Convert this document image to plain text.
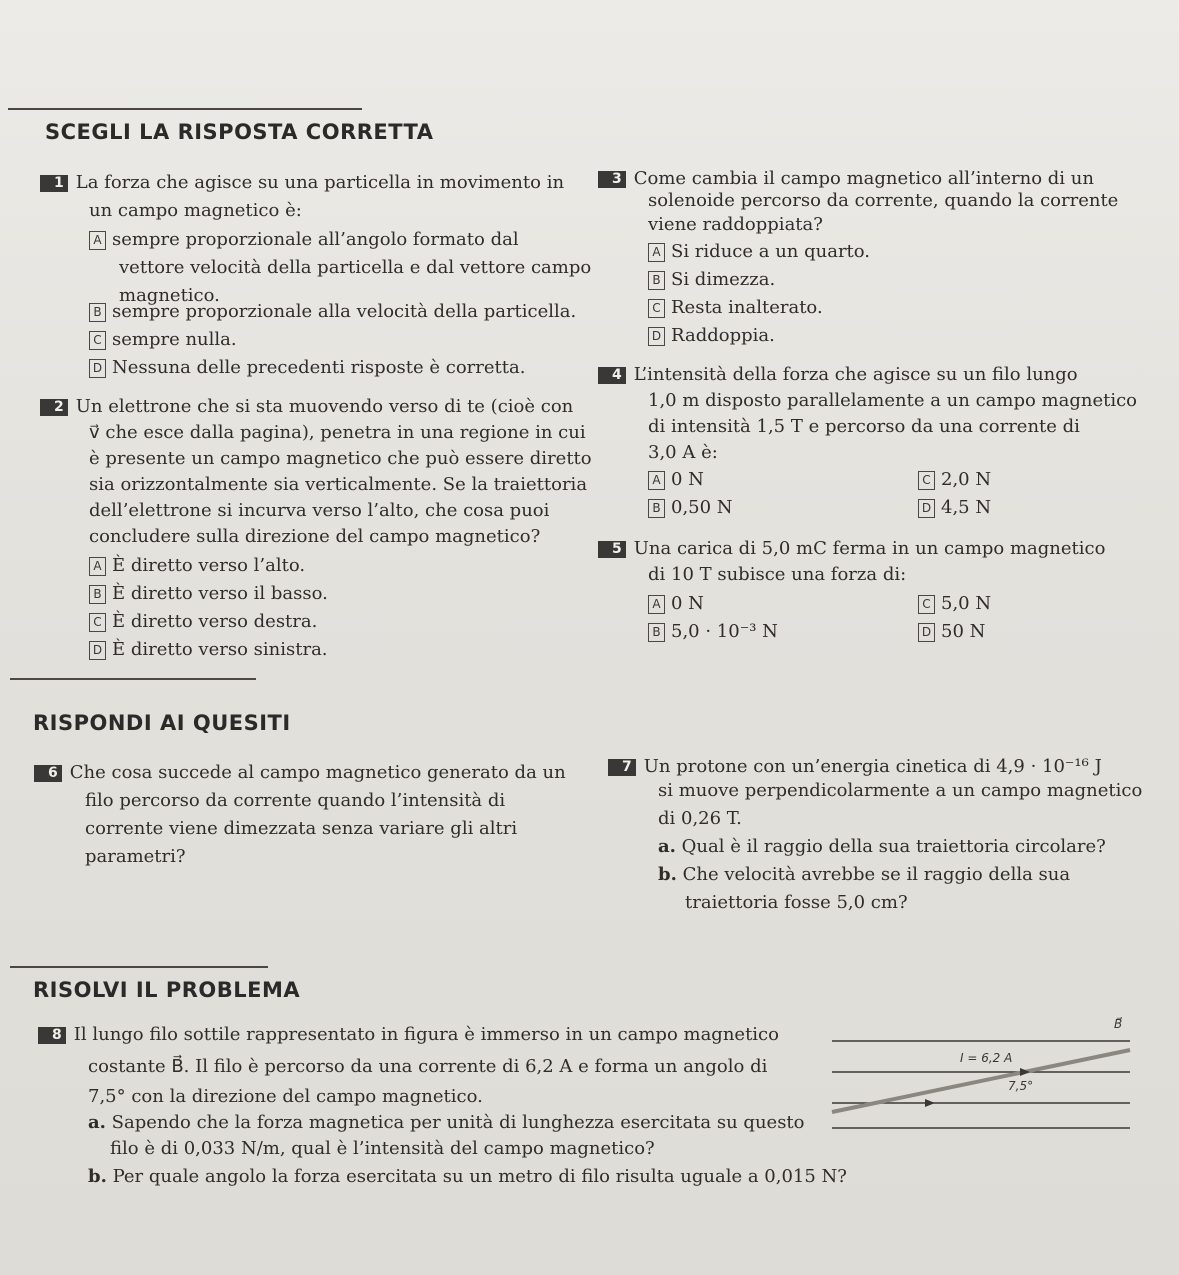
SCEGLI LA RISPOSTA CORRETTA
1 La forza che agisce su una particella in movimento in
un campo magnetico è:
A sempre proporzionale all’angolo formato dal
vettore velocità della particella e dal vettore campo
magnetico.
B sempre proporzionale alla velocità della particella.
C sempre nulla.
D Nessuna delle precedenti risposte è corretta.
2 Un elettrone che si sta muovendo verso di te (cioè con
v⃗ che esce dalla pagina), penetra in una regione in cui
è presente un campo magnetico che può essere diretto
sia orizzontalmente sia verticalmente. Se la traiettoria
dell’elettrone si incurva verso l’alto, che cosa puoi
concludere sulla direzione del campo magnetico?
A È diretto verso l’alto.
B È diretto verso il basso.
C È diretto verso destra.
D È diretto verso sinistra.
3 Come cambia il campo magnetico all’interno di un
solenoide percorso da corrente, quando la corrente
viene raddoppiata?
A Si riduce a un quarto.
B Si dimezza.
C Resta inalterato.
D Raddoppia.
4 L’intensità della forza che agisce su un filo lungo
1,0 m disposto parallelamente a un campo magnetico
di intensità 1,5 T e percorso da una corrente di
3,0 A è:
A 0 N	C 2,0 N
B 0,50 N	D 4,5 N
5 Una carica di 5,0 mC ferma in un campo magnetico
di 10 T subisce una forza di:
A 0 N	C 5,0 N
B 5,0 · 10⁻³ N	D 50 N
RISPONDI AI QUESITI
6 Che cosa succede al campo magnetico generato da un
filo percorso da corrente quando l’intensità di
corrente viene dimezzata senza variare gli altri
parametri?
7 Un protone con un’energia cinetica di 4,9 · 10⁻¹⁶ J
si muove perpendicolarmente a un campo magnetico
di 0,26 T.
a. Qual è il raggio della sua traiettoria circolare?
b. Che velocità avrebbe se il raggio della sua
traiettoria fosse 5,0 cm?
RISOLVI IL PROBLEMA
8 Il lungo filo sottile rappresentato in figura è immerso in un campo magnetico
costante B⃗. Il filo è percorso da una corrente di 6,2 A e forma un angolo di
7,5° con la direzione del campo magnetico.
a. Sapendo che la forza magnetica per unità di lunghezza esercitata su questo
filo è di 0,033 N/m, qual è l’intensità del campo magnetico?
b. Per quale angolo la forza esercitata su un metro di filo risulta uguale a 0,015 N?
B⃗
I = 6,2 A
7,5°
